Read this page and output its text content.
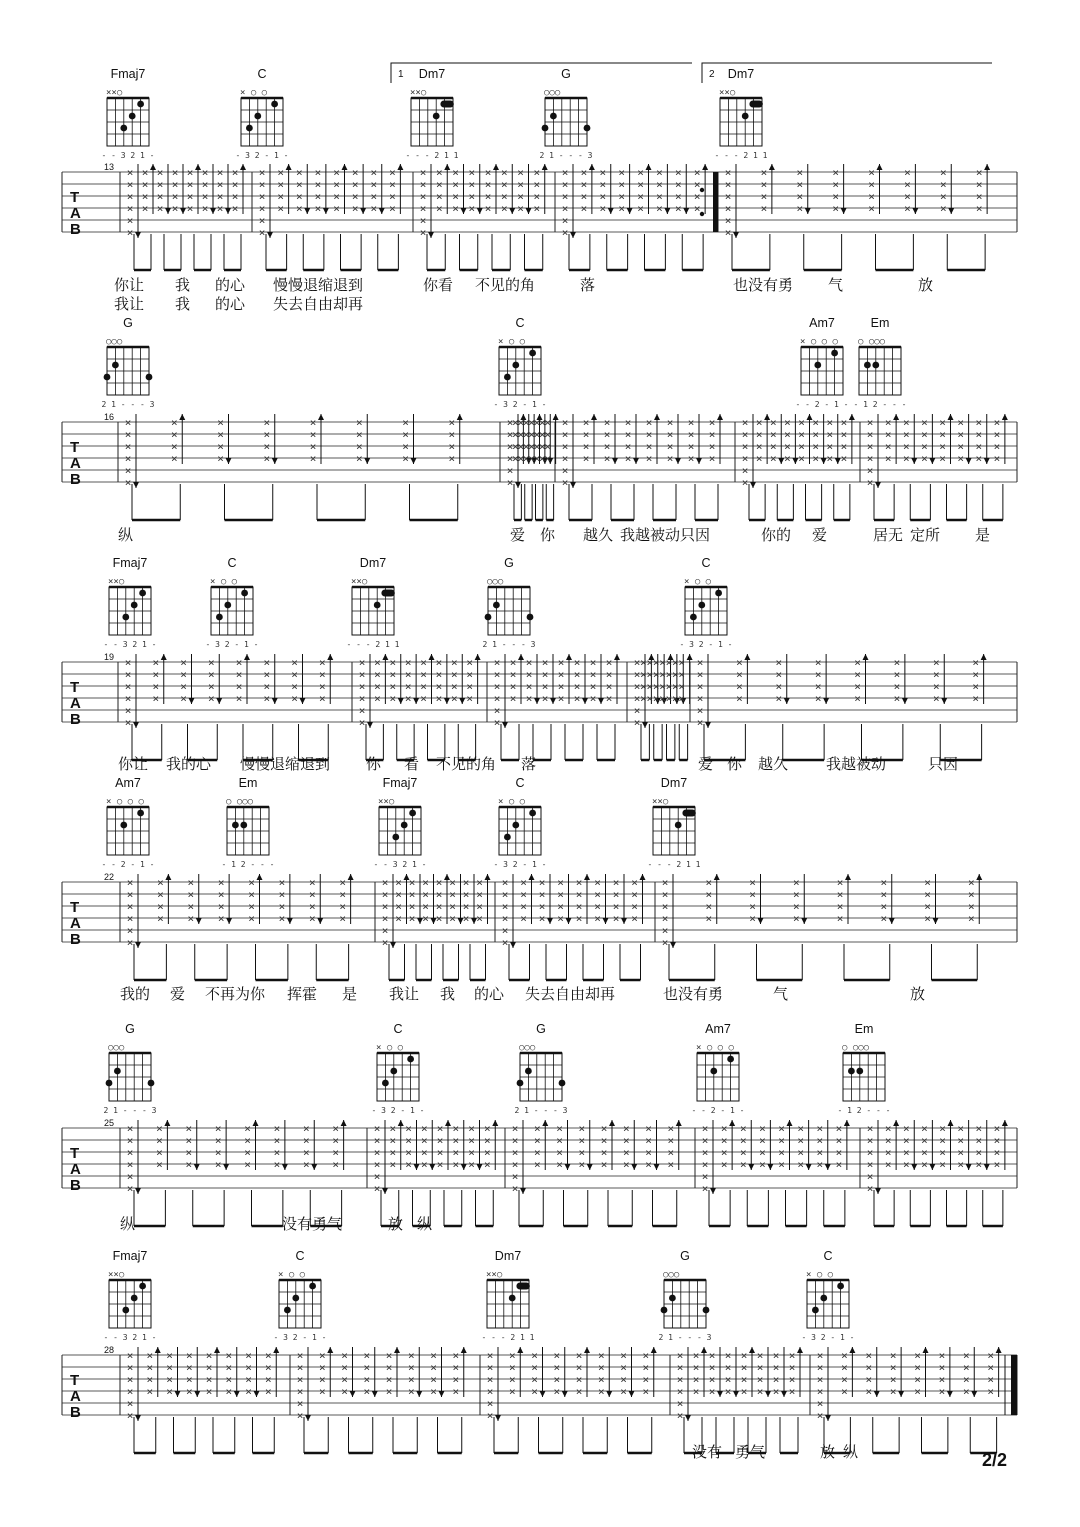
T
A
B
13
1	2
Fmaj7
××○
- - 3 2 1 -
C
× ○ ○
- 3 2 - 1 -
Dm7
××○
- - - 2 1 1
G
○○○
2 1 - - - 3
Dm7
××○
- - - 2 1 1
×
×
×
×
×
×
×
×
×
×
×
×
×
×
×
×
×
×
×
×
×
×
×
×
×
×
×
×
×
×
×
×
×
×
×
×
×
×
×
×
×
×
×
×
×
×
×
×
×
×
×
×
×
×
×
×
×
×
×
×
×
×
×
×
×
×
×
×
×
×
×
×
×
×
×
×
×
×
×
×
×
×
×
×
×
×
×
×
×
×
×
×
×
×
×
×
×
×
×
×
×
×
×
×
×
×
×
×
×
×
×
×
×
×
×
×
×
×
×
×
×
×
×
×
×
×
×
×
×
×
×
×
×
×
×
×
×
×
×
×
×
×
×
×
×
×
×
×
×
×
×
×
×
×
×
×
×
×
×
×
×
×
×
×
×
×
×
×
×
×
你让 我 的心 慢慢退缩退到	你看 不见的角	落	也没有勇 气	放
我让 我 的心 失去自由却再
T
A
B
16
G
○○○
2 1 - - - 3
C
× ○ ○
- 3 2 - 1 -
Am7
× ○ ○ ○
- - 2 - 1 -
Em
○ ○○○
- 1 2 - - -
×
×
×
×
×
×
×
×
×
×
×
×
×
×
×
×
×
×
×
×
×
×
×
×
×
×
×
×
×
×
×
×
×
×
×
×
×
×
×
×
×
×
×
×
×
×
×
×
×
×
×
×
×
×
×
×
×
×
×
×
×
×
×
×
×
×
×
×
×
×
×
×
×
×
×
×
×
×
×
×
×
×
×
×
×
×
×
×
×
×
×
×
×
×
×
×
×
×
×
×
×
×
×
×
×
×
×
×
×
×
×
×
×
×
×
×
×
×
×
×
×
×
×
×
×
×
×
×
×
×
×
×
×
×
×
×
×
×
×
×
×
×
×
×
×
×
×
×
×
×
×
×
×
×
×
×
×
×
×
×
×
×
×
×
×
×
×
×
×
×
纵	爱 你 越久 我越被动 只因	你的 爱	居无 定所 是
T
A
B
19
Fmaj7
××○
- - 3 2 1 -
C
× ○ ○
- 3 2 - 1 -
Dm7
××○
- - - 2 1 1
G
○○○
2 1 - - - 3
C
× ○ ○
- 3 2 - 1 -
×
×
×
×
×
×
×
×
×
×
×
×
×
×
×
×
×
×
×
×
×
×
×
×
×
×
×
×
×
×
×
×
×
×
×
×
×
×
×
×
×
×
×
×
×
×
×
×
×
×
×
×
×
×
×
×
×
×
×
×
×
×
×
×
×
×
×
×
×
×
×
×
×
×
×
×
×
×
×
×
×
×
×
×
×
×
×
×
×
×
×
×
×
×
×
×
×
×
×
×
×
×
×
×
×
×
×
×
×
×
×
×
×
×
×
×
×
×
×
×
×
×
×
×
×
×
×
×
×
×
×
×
×
×
×
×
×
×
×
×
×
×
×
×
×
×
×
×
×
×
×
×
×
×
×
×
×
×
×
×
×
×
×
×
×
×
×
×
×
×
你让 我的心 慢慢退缩退到 你 看 不见的角 落	爱 你 越久	我越被动	只因
T
A
B
22
Am7
× ○ ○ ○
- - 2 - 1 -
Em
○ ○○○
- 1 2 - - -
Fmaj7
××○
- - 3 2 1 -
C
× ○ ○
- 3 2 - 1 -
Dm7
××○
- - - 2 1 1
×
×
×
×
×
×
×
×
×
×
×
×
×
×
×
×
×
×
×
×
×
×
×
×
×
×
×
×
×
×
×
×
×
×
×
×
×
×
×
×
×
×
×
×
×
×
×
×
×
×
×
×
×
×
×
×
×
×
×
×
×
×
×
×
×
×
×
×
×
×
×
×
×
×
×
×
×
×
×
×
×
×
×
×
×
×
×
×
×
×
×
×
×
×
×
×
×
×
×
×
×
×
×
×
×
×
×
×
×
×
×
×
×
×
×
×
×
×
×
×
×
×
×
×
×
×
×
×
×
×
×
×
×
×
×
×
我的 爱 不再为你 挥霍 是 我让 我 的心 失去自由却再	也没有勇	气	放
T
A
B
25
G
○○○
2 1 - - - 3
C
× ○ ○
- 3 2 - 1 -
G
○○○
2 1 - - - 3
Am7
× ○ ○ ○
- - 2 - 1 -
Em
○ ○○○
- 1 2 - - -
×
×
×
×
×
×
×
×
×
×
×
×
×
×
×
×
×
×
×
×
×
×
×
×
×
×
×
×
×
×
×
×
×
×
×
×
×
×
×
×
×
×
×
×
×
×
×
×
×
×
×
×
×
×
×
×
×
×
×
×
×
×
×
×
×
×
×
×
×
×
×
×
×
×
×
×
×
×
×
×
×
×
×
×
×
×
×
×
×
×
×
×
×
×
×
×
×
×
×
×
×
×
×
×
×
×
×
×
×
×
×
×
×
×
×
×
×
×
×
×
×
×
×
×
×
×
×
×
×
×
×
×
×
×
×
×
×
×
×
×
×
×
×
×
×
×
×
×
×
×
×
×
×
×
×
×
×
×
×
×
×
×
×
×
×
×
×
×
×
×
纵	没有勇气	放 纵
T
A
B
28
Fmaj7
××○
- - 3 2 1 -
C
× ○ ○
- 3 2 - 1 -
Dm7
××○
- - - 2 1 1
G
○○○
2 1 - - - 3
C
× ○ ○
- 3 2 - 1 -
×
×
×
×
×
×
×
×
×
×
×
×
×
×
×
×
×
×
×
×
×
×
×
×
×
×
×
×
×
×
×
×
×
×
×
×
×
×
×
×
×
×
×
×
×
×
×
×
×
×
×
×
×
×
×
×
×
×
×
×
×
×
×
×
×
×
×
×
×
×
×
×
×
×
×
×
×
×
×
×
×
×
×
×
×
×
×
×
×
×
×
×
×
×
×
×
×
×
×
×
×
×
×
×
×
×
×
×
×
×
×
×
×
×
×
×
×
×
×
×
×
×
×
×
×
×
×
×
×
×
×
×
×
×
×
×
×
×
×
×
×
×
×
×
×
×
×
×
×
×
×
×
×
×
×
×
×
×
×
×
×
×
×
×
×
×
×
×
×
×
没有 勇气	放 纵	2/2
